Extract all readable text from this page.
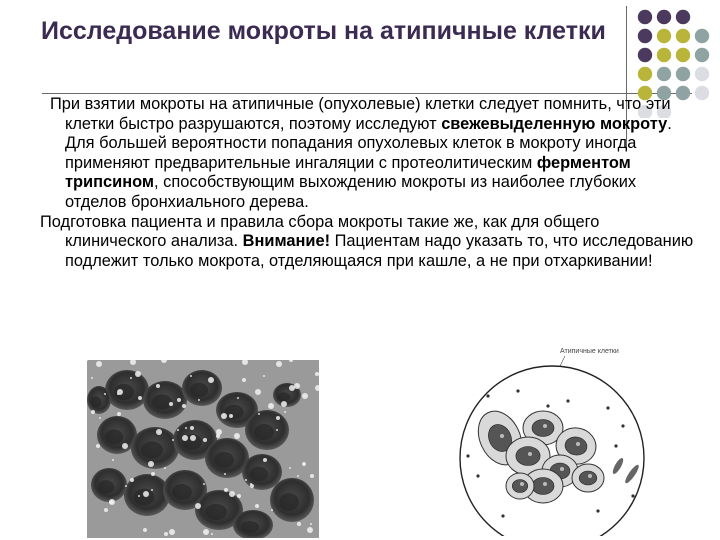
Исследование мокроты на атипичные клетки

При взятии мокроты на атипичные (опухолевые) клетки следует помнить, что эти клетки быстро разрушаются, поэтому исследуют свежевыделенную мокроту. Для большей вероятности попадания опухолевых клеток в мокроту иногда применяют предварительные ингаляции с протеолитическим ферментом трипсином, способствующим выхождению мокроты из наиболее глубоких отделов бронхиального дерева.

Подготовка пациента и правила сбора мокроты такие же, как для общего клинического анализа. Внимание! Пациентам надо указать то, что исследованию подлежит только мокрота, отделяющаяся при кашле, а не при отхаркивании!

Атипичные клетки
